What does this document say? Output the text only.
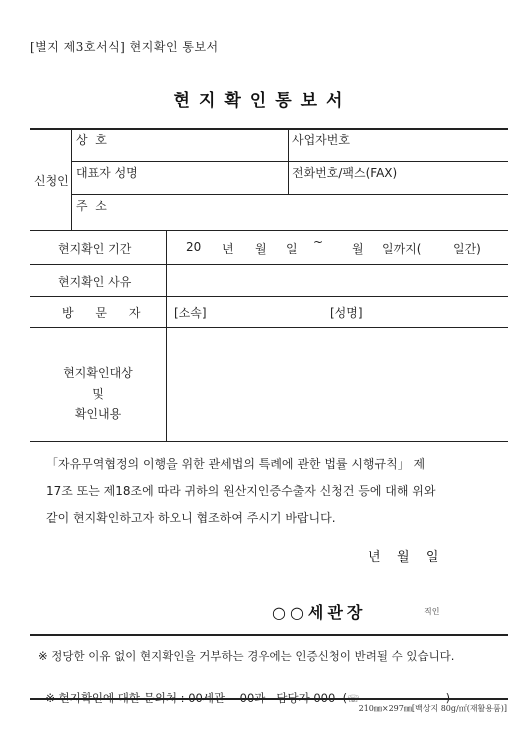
[별지 제3호서식] 현지확인 통보서
현지확인통보서
신청인
상  호	사업자번호
대표자 성명	전화번호/팩스(FAX)
주  소
현지확인 기간	20 년 월 일 ~ 월 일까지(	일간)
현지확인 사유
방 문 자 [소속]	[성명]
현지확인대상
및
확인내용
「자유무역협정의 이행을 위한 관세법의 특례에 관한 법률 시행규칙」 제
17조 또는 제18조에 따라 귀하의 원산지인증수출자 신청건 등에 대해 위와
같이 현지확인하고자 하오니 협조하여 주시기 바랍니다.
년   월   일
○○세관장	직인
※ 정당한 이유 없이 현지확인을 거부하는 경우에는 인증신청이 반려될 수 있습니다.

※ 현지확인에 대한 문의처 : 00세관    00과   담당자 000  (☏	)

210㎜×297㎜[백상지 80g/㎡(재활용품)]
